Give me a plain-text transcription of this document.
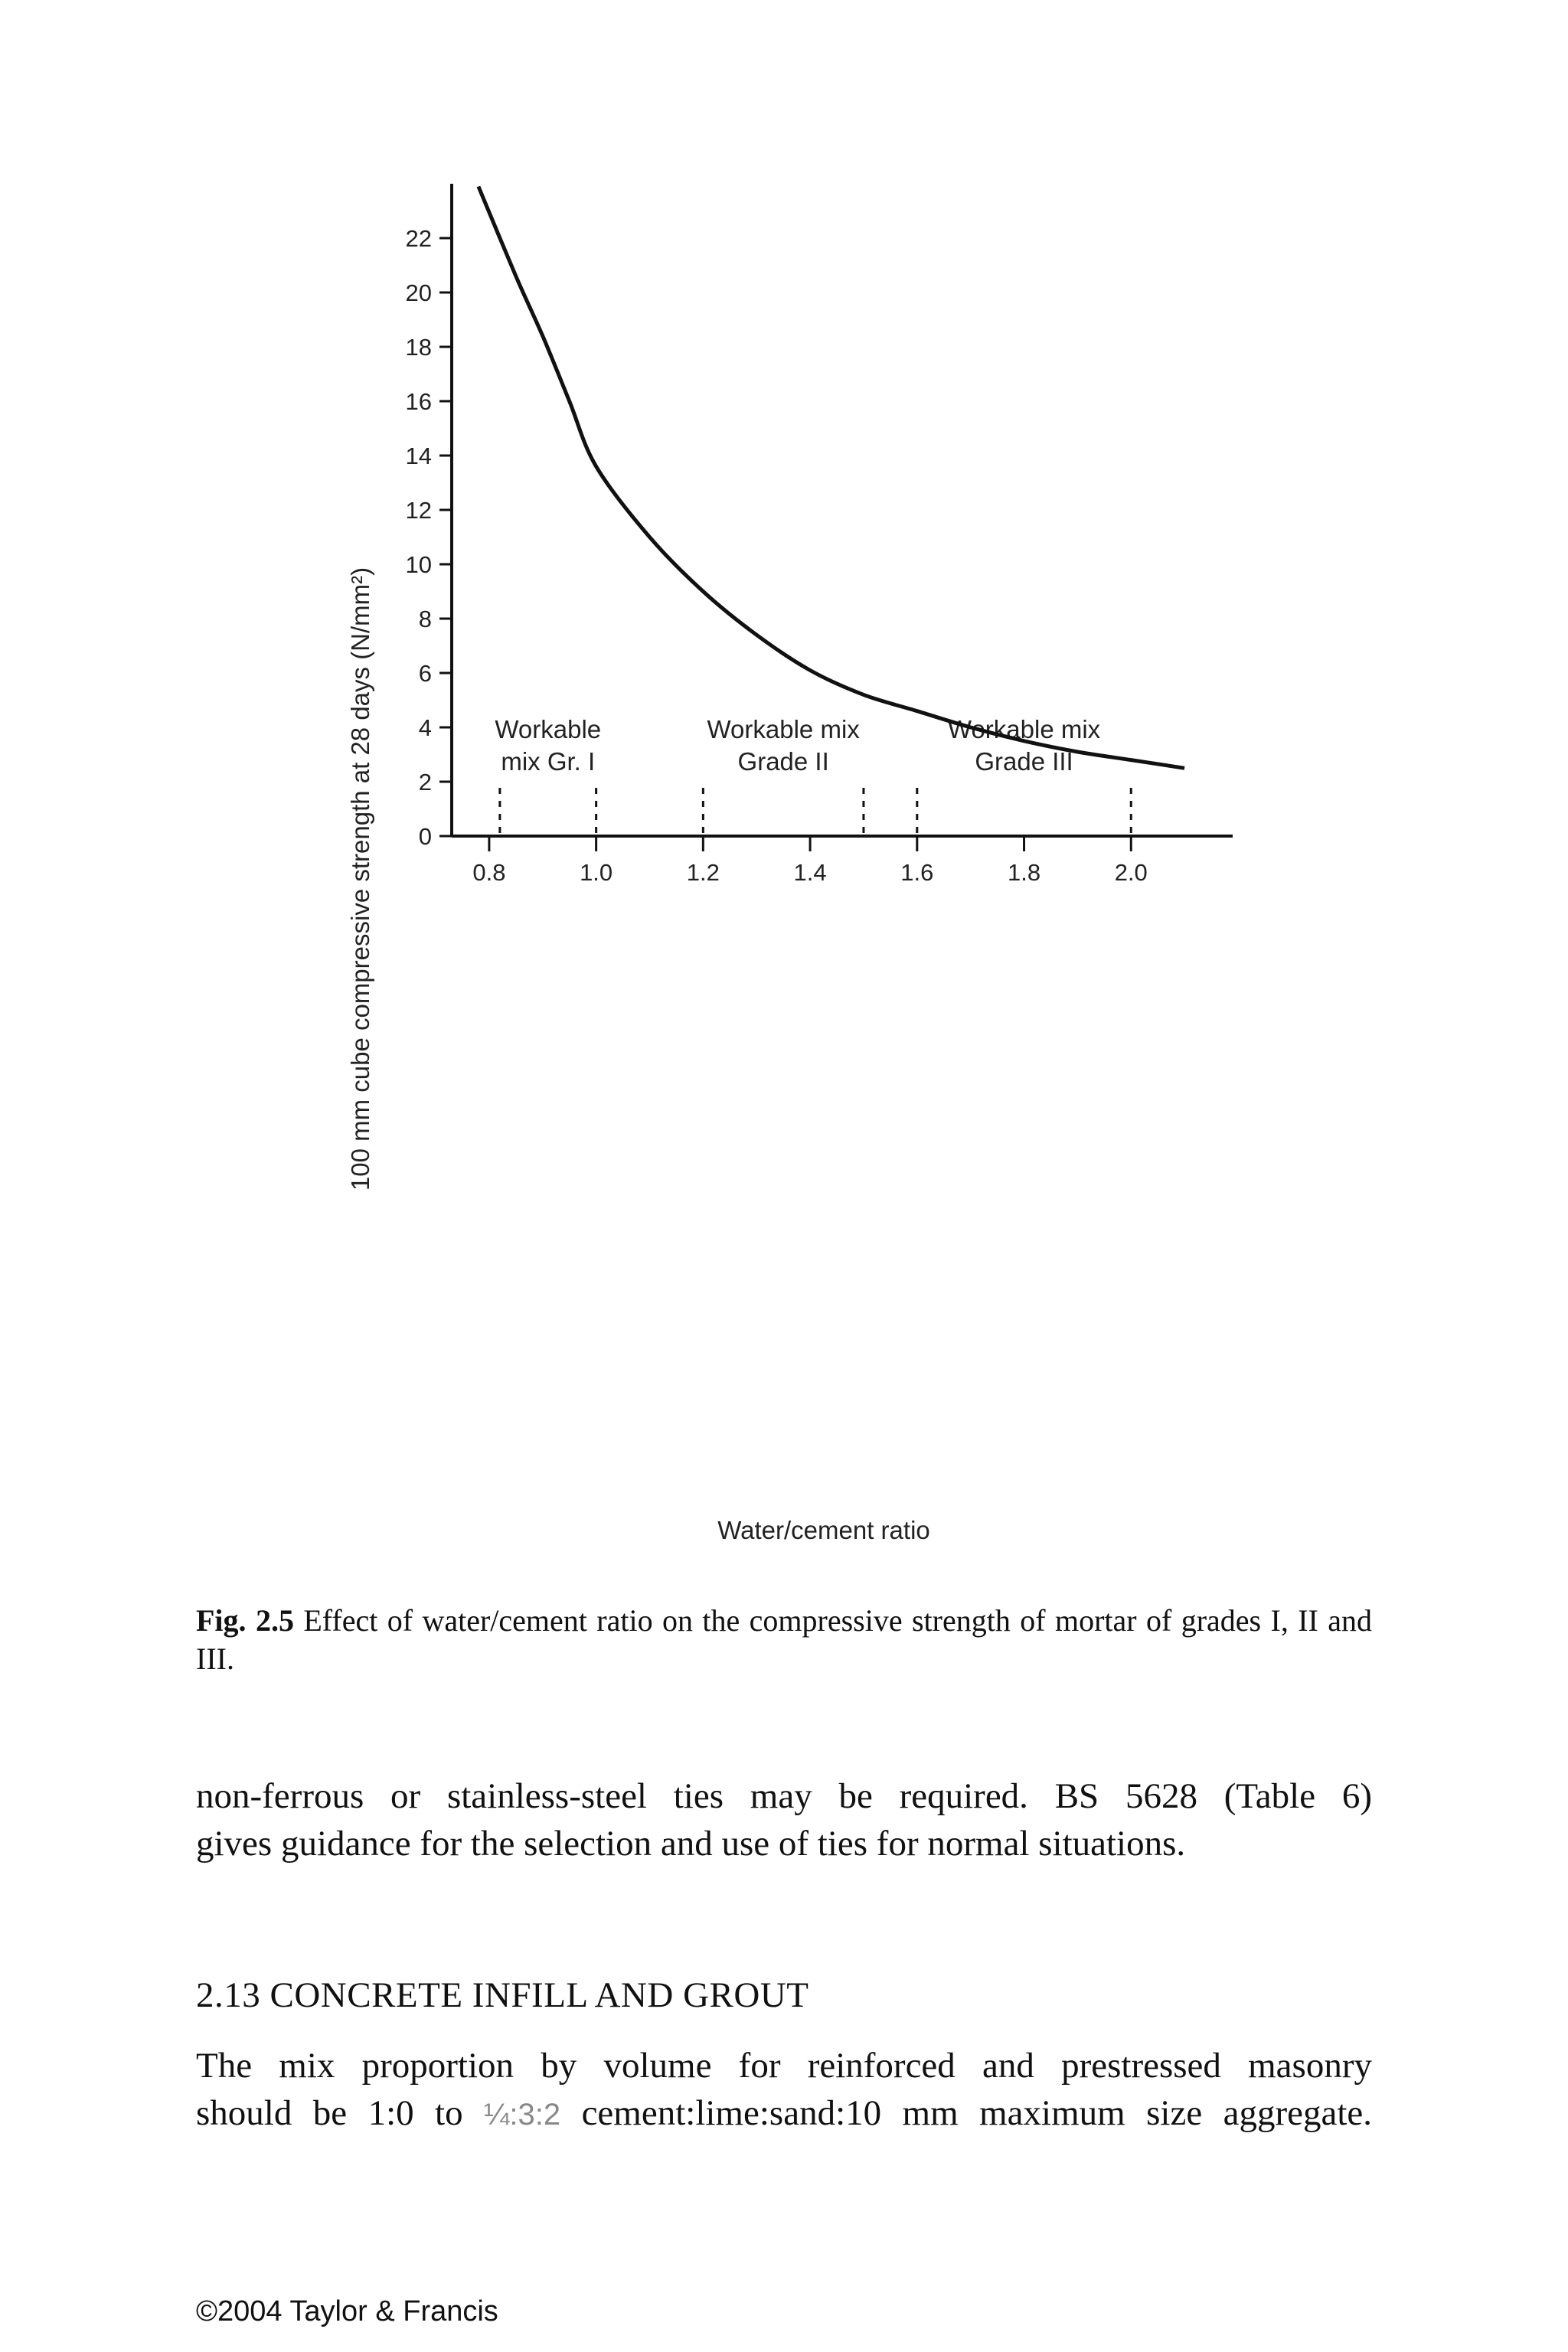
0
2
4
6
8
10
12
14
16
18
20
22
0.8	1.0	1.2	1.4	1.6	1.8	2.0
Workable
mix Gr. I
Workable mix
Grade II
Workable mix
Grade III
Water/cement ratio
100 mm cube compressive strength at 28 days (N/mm²)
Fig. 2.5 Effect of water/cement ratio on the compressive strength of mortar of grades I, II and III.
non-ferrous or stainless-steel ties may be required. BS 5628 (Table 6)
gives guidance for the selection and use of ties for normal situations.
2.13 CONCRETE INFILL AND GROUT
The mix proportion by volume for reinforced and prestressed masonry
should be 1:0 to ¼:3:2 cement:lime:sand:10 mm maximum size aggregate.
©2004 Taylor & Francis
